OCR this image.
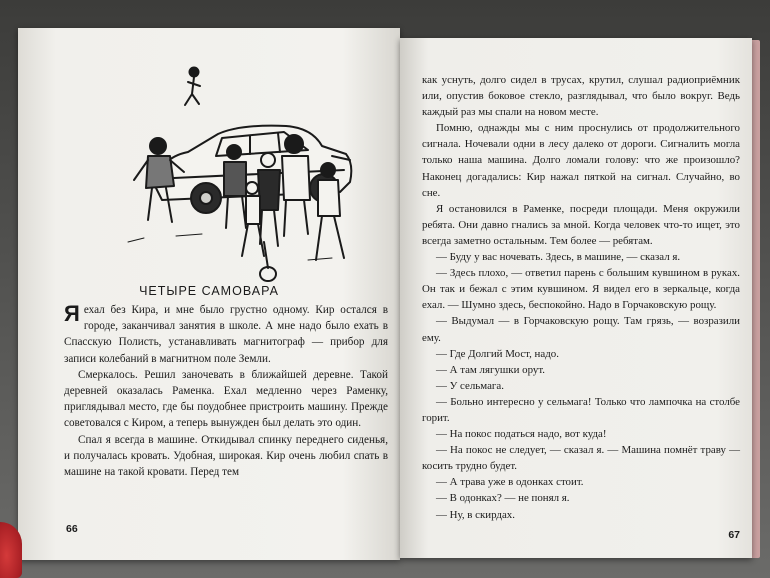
ЧЕТЫРЕ САМОВАРА

Я ехал без Кира, и мне было грустно одному. Кир остался в городе, заканчивал занятия в школе. А мне надо было ехать в Спасскую Полисть, устанавливать магнитограф — прибор для записи колебаний в магнитном поле Земли.

Смеркалось. Решил заночевать в ближайшей деревне. Такой деревней оказалась Раменка. Ехал медленно через Раменку, приглядывал место, где бы поудобнее пристроить машину. Прежде советовался с Киром, а теперь вынужден был делать это один.

Спал я всегда в машине. Откидывал спинку переднего сиденья, и получалась кровать. Удобная, широкая. Кир очень любил спать в машине на такой кровати. Перед тем

66

как уснуть, долго сидел в трусах, крутил, слушал радиоприёмник или, опустив боковое стекло, разглядывал, что было вокруг. Ведь каждый раз мы спали на новом месте.

Помню, однажды мы с ним проснулись от продолжительного сигнала. Ночевали одни в лесу далеко от дороги. Сигналить могла только наша машина. Долго ломали голову: что же произошло? Наконец догадались: Кир нажал пяткой на сигнал. Случайно, во сне.

Я остановился в Раменке, посреди площади. Меня окружили ребята. Они давно гнались за мной. Когда человек что-то ищет, это всегда заметно остальным. Тем более — ребятам.

— Буду у вас ночевать. Здесь, в машине, — сказал я.

— Здесь плохо, — ответил парень с большим кувшином в руках. Он так и бежал с этим кувшином. Я видел его в зеркальце, когда ехал. — Шумно здесь, беспокойно. Надо в Горчаковскую рощу.

— Выдумал — в Горчаковскую рощу. Там грязь, — возразили ему.

— Где Долгий Мост, надо.

— А там лягушки орут.

— У сельмага.

— Больно интересно у сельмага! Только что лампочка на столбе горит.

— На покос податься надо, вот куда!

— На покос не следует, — сказал я. — Машина помнёт траву — косить трудно будет.

— А трава уже в одонках стоит.

— В одонках? — не понял я.

— Ну, в скирдах.

67
